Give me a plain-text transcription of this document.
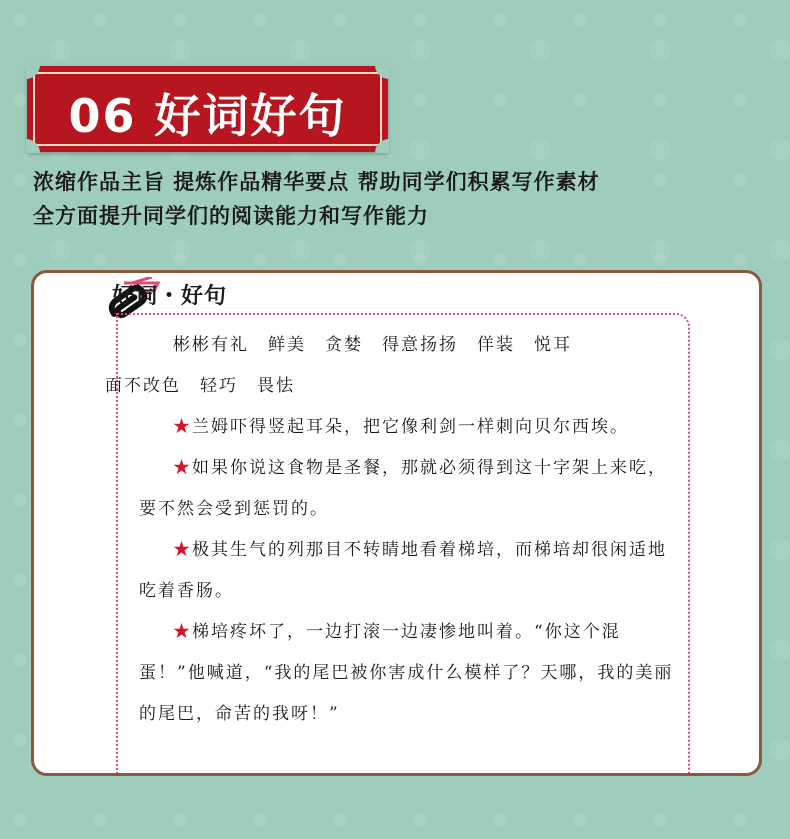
06 好词好句
浓缩作品主旨 提炼作品精华要点 帮助同学们积累写作素材
全方面提升同学们的阅读能力和写作能力
好词・好句

彬彬有礼　鲜美　贪婪　得意扬扬　佯装　悦耳
面不改色　轻巧　畏怯

★兰姆吓得竖起耳朵，把它像利剑一样刺向贝尔西埃。

★如果你说这食物是圣餐，那就必须得到这十字架上来吃，要不然会受到惩罚的。

★极其生气的列那目不转睛地看着梯培，而梯培却很闲适地吃着香肠。

★梯培疼坏了，一边打滚一边凄惨地叫着。“你这个混蛋！”他喊道，“我的尾巴被你害成什么模样了？天哪，我的美丽的尾巴，命苦的我呀！”
